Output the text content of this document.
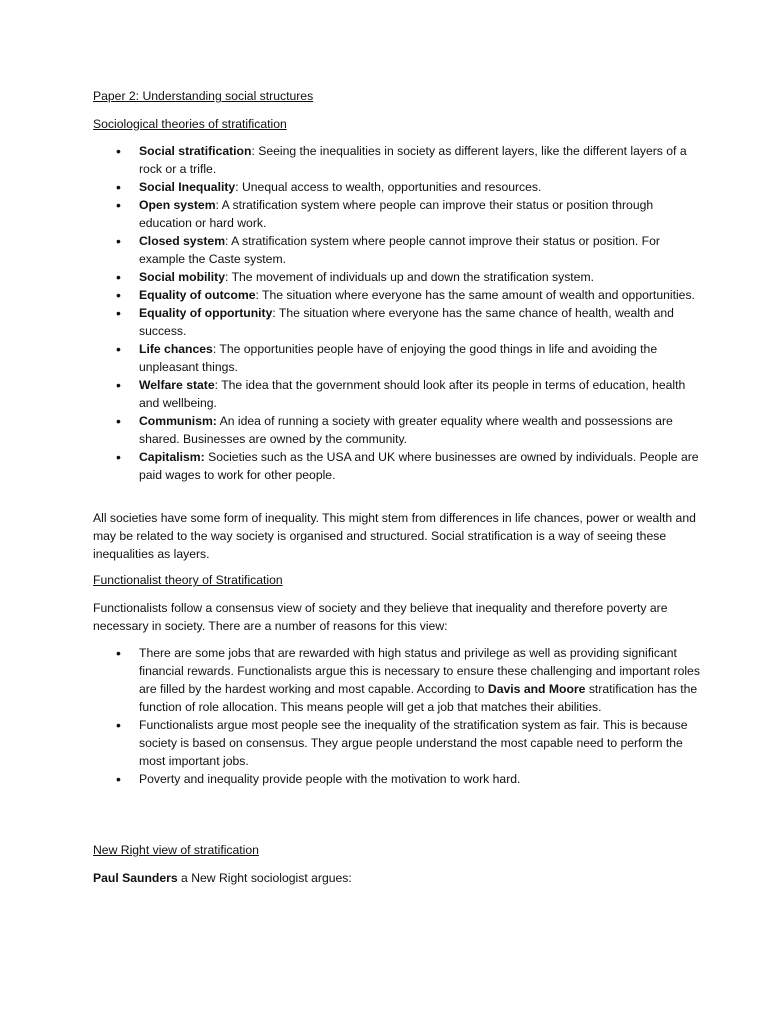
Paper 2: Understanding social structures
Sociological theories of stratification
• Social stratification: Seeing the inequalities in society as different layers, like the different layers of a rock or a trifle.
• Social Inequality: Unequal access to wealth, opportunities and resources.
• Open system: A stratification system where people can improve their status or position through education or hard work.
• Closed system: A stratification system where people cannot improve their status or position. For example the Caste system.
• Social mobility: The movement of individuals up and down the stratification system.
• Equality of outcome: The situation where everyone has the same amount of wealth and opportunities.
• Equality of opportunity: The situation where everyone has the same chance of health, wealth and success.
• Life chances: The opportunities people have of enjoying the good things in life and avoiding the unpleasant things.
• Welfare state: The idea that the government should look after its people in terms of education, health and wellbeing.
• Communism: An idea of running a society with greater equality where wealth and possessions are shared. Businesses are owned by the community.
• Capitalism: Societies such as the USA and UK where businesses are owned by individuals. People are paid wages to work for other people.

All societies have some form of inequality. This might stem from differences in life chances, power or wealth and may be related to the way society is organised and structured. Social stratification is a way of seeing these inequalities as layers.

Functionalist theory of Stratification

Functionalists follow a consensus view of society and they believe that inequality and therefore poverty are necessary in society. There are a number of reasons for this view:

• There are some jobs that are rewarded with high status and privilege as well as providing significant financial rewards. Functionalists argue this is necessary to ensure these challenging and important roles are filled by the hardest working and most capable. According to Davis and Moore stratification has the function of role allocation. This means people will get a job that matches their abilities.
• Functionalists argue most people see the inequality of the stratification system as fair. This is because society is based on consensus. They argue people understand the most capable need to perform the most important jobs.
• Poverty and inequality provide people with the motivation to work hard.
New Right view of stratification

Paul Saunders a New Right sociologist argues:
